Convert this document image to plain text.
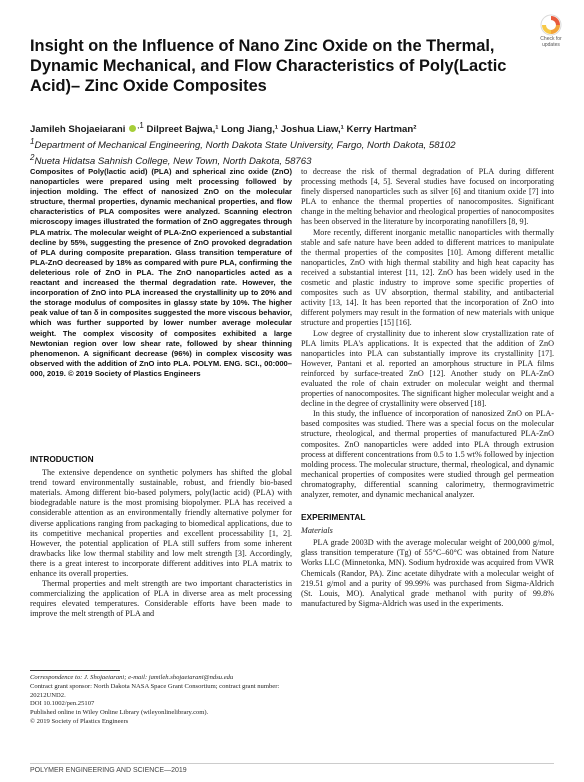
Check for
updates
Insight on the Influence of Nano Zinc Oxide on the Thermal, Dynamic Mechanical, and Flow Characteristics of Poly(Lactic Acid)– Zinc Oxide Composites
Jamileh Shojaeiarani $^{,1}$ Dilpreet Bajwa,¹ Long Jiang,¹ Joshua Liaw,¹ Kerry Hartman²
$^1$Department of Mechanical Engineering, North Dakota State University, Fargo, North Dakota, 58102
$^2$Nueta Hidatsa Sahnish College, New Town, North Dakota, 58763
Composites of Poly(lactic acid) (PLA) and spherical zinc oxide (ZnO) nanoparticles were prepared using melt processing followed by injection molding. The effect of nanosized ZnO on the molecular structure, thermal properties, dynamic mechanical properties, and flow characteristics of PLA composites were analyzed. Scanning electron microscopy images illustrated the formation of ZnO aggregates through PLA matrix. The molecular weight of PLA-ZnO experienced a substantial decline by 55%, suggesting the presence of ZnO provoked degradation of PLA during composite preparation. Glass transition temperature of PLA-ZnO decreased by 18% as compared with pure PLA, confirming the deleterious role of ZnO in PLA. The ZnO nanoparticles acted as a reactant and increased the thermal degradation rate. However, the incorporation of ZnO into PLA increased the crystallinity up to 20% and the storage modulus of composites in glassy state by 10%. The higher peak value of tan δ in composites suggested the more viscous behavior, which was further supported by lower number average molecular weight. The complex viscosity of composites exhibited a large Newtonian region over low shear rate, followed by shear thinning phenomenon. A significant decrease (96%) in complex viscosity was observed with the addition of ZnO into PLA. POLYM. ENG. SCI., 00:000–000, 2019. © 2019 Society of Plastics Engineers
INTRODUCTION

The extensive dependence on synthetic polymers has shifted the global trend toward environmentally sustainable, robust, and friendly bio-based materials. Among different bio-based polymers, poly(lactic acid) (PLA) with biodegradable nature is the most promising biopolymer. PLA has received a considerable attention as an environmentally friendly alternative polymer for diverse applications ranging from packaging to biomedical applications, due to its competitive mechanical properties and excellent processability [1, 2]. However, the potential application of PLA still suffers from some inherent drawbacks like low thermal stability and low melt strength [3]. Accordingly, there is a great interest to incorporate different additives into PLA matrix to enhance its overall properties.

Thermal properties and melt strength are two important characteristics in commercializing the application of PLA in diverse area as melt processing requires elevated temperatures. Considerable efforts have been made to improve the melt strength of PLA and

Correspondence to: J. Shojaeiarani; e-mail: jamileh.shojaeiarani@ndsu.edu
Contract grant sponsor: North Dakota NASA Space Grant Consortium; contract grant number: 20212UND2.
DOI 10.1002/pen.25107
Published online in Wiley Online Library (wileyonlinelibrary.com).
© 2019 Society of Plastics Engineers

to decrease the risk of thermal degradation of PLA during different processing methods [4, 5]. Several studies have focused on incorporating finely dispersed nanoparticles such as silver [6] and titanium oxide [7] into PLA to enhance the thermal properties of nanocomposites. Significant change in the melting behavior and rheological properties of nanocomposites has been observed in the literature by incorporating nanofillers [8, 9].

More recently, different inorganic metallic nanoparticles with thermally stable and safe nature have been added to different matrices to manipulate the thermal properties of the composites [10]. Among different metallic nanoparticles, ZnO with high thermal stability and high heat capacity has received a substantial interest [11, 12]. ZnO has been widely used in the cosmetic and plastic industry to improve some specific properties of composites such as UV absorption, thermal stability, and antibacterial activity [13, 14]. It has been reported that the incorporation of ZnO into different polymers may result in the formation of new materials with unique structure and properties [15] [16].

Low degree of crystallinity due to inherent slow crystallization rate of PLA limits PLA's applications. It is expected that the addition of ZnO nanoparticles into PLA can substantially improve its crystallinity [17]. However, Pantani et al. reported an amorphous structure in PLA films reinforced by surface-treated ZnO [12]. Another study on PLA-ZnO evaluated the role of chain extruder on molecular weight and thermal properties of nanocomposites. The significant higher molecular weight and a decline in the degree of crystallinity were observed [18].

In this study, the influence of incorporation of nanosized ZnO on PLA-based composites was studied. There was a special focus on the molecular structure, rheological, and thermal properties of manufactured PLA-ZnO composites. ZnO nanoparticles were added into PLA through extrusion process at different concentrations from 0.5 to 1.5 wt% followed by injection molding process. The molecular structure, thermal, rheological, and dynamic mechanical properties of composites were studied through gel permeation chromatography, differential scanning calorimetry, thermogravimetric analyzer, remoter, and dynamic mechanical analyzer.

EXPERIMENTAL
Materials

PLA grade 2003D with the average molecular weight of 200,000 g/mol, glass transition temperature (Tg) of 55°C–60°C was obtained from Nature Works LLC (Minnetonka, MN). Sodium hydroxide was acquired from VWR Chemicals (Randor, PA). Zinc acetate dihydrate with a molecular weight of 219.51 g/mol and a purity of 99.99% was purchased from Sigma-Aldrich (St. Louis, MO). Analytical grade methanol with purity of 99.8% manufactured by Sigma-Aldrich was used in the experiments.

POLYMER ENGINEERING AND SCIENCE—2019
